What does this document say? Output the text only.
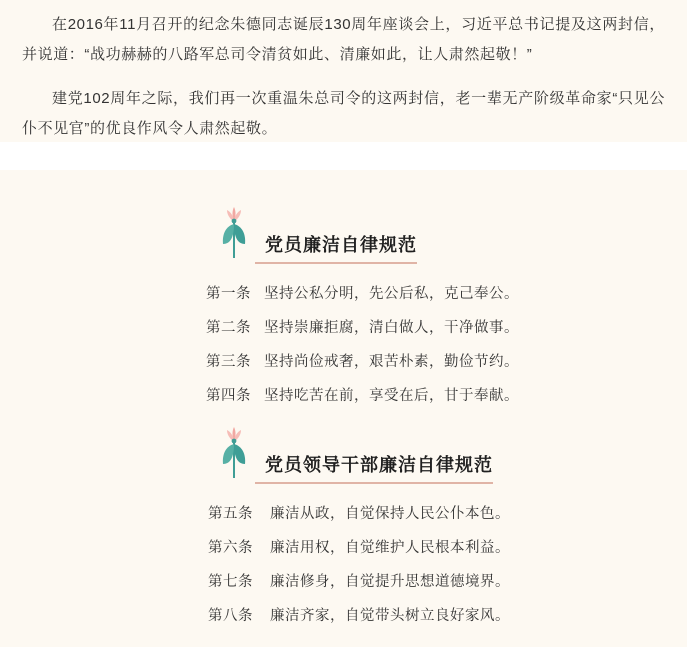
在2016年11月召开的纪念朱德同志诞辰130周年座谈会上，习近平总书记提及这两封信，并说道：“战功赫赫的八路军总司令清贫如此、清廉如此，让人肃然起敬！”

建党102周年之际，我们再一次重温朱总司令的这两封信，老一辈无产阶级革命家“只见公仆不见官”的优良作风令人肃然起敬。

党员廉洁自律规范
第一条 坚持公私分明，先公后私，克己奉公。
第二条 坚持崇廉拒腐，清白做人，干净做事。
第三条 坚持尚俭戒奢，艰苦朴素，勤俭节约。
第四条 坚持吃苦在前，享受在后，甘于奉献。
党员领导干部廉洁自律规范
第五条	廉洁从政，自觉保持人民公仆本色。
第六条	廉洁用权，自觉维护人民根本利益。
第七条	廉洁修身，自觉提升思想道德境界。
第八条	廉洁齐家，自觉带头树立良好家风。
